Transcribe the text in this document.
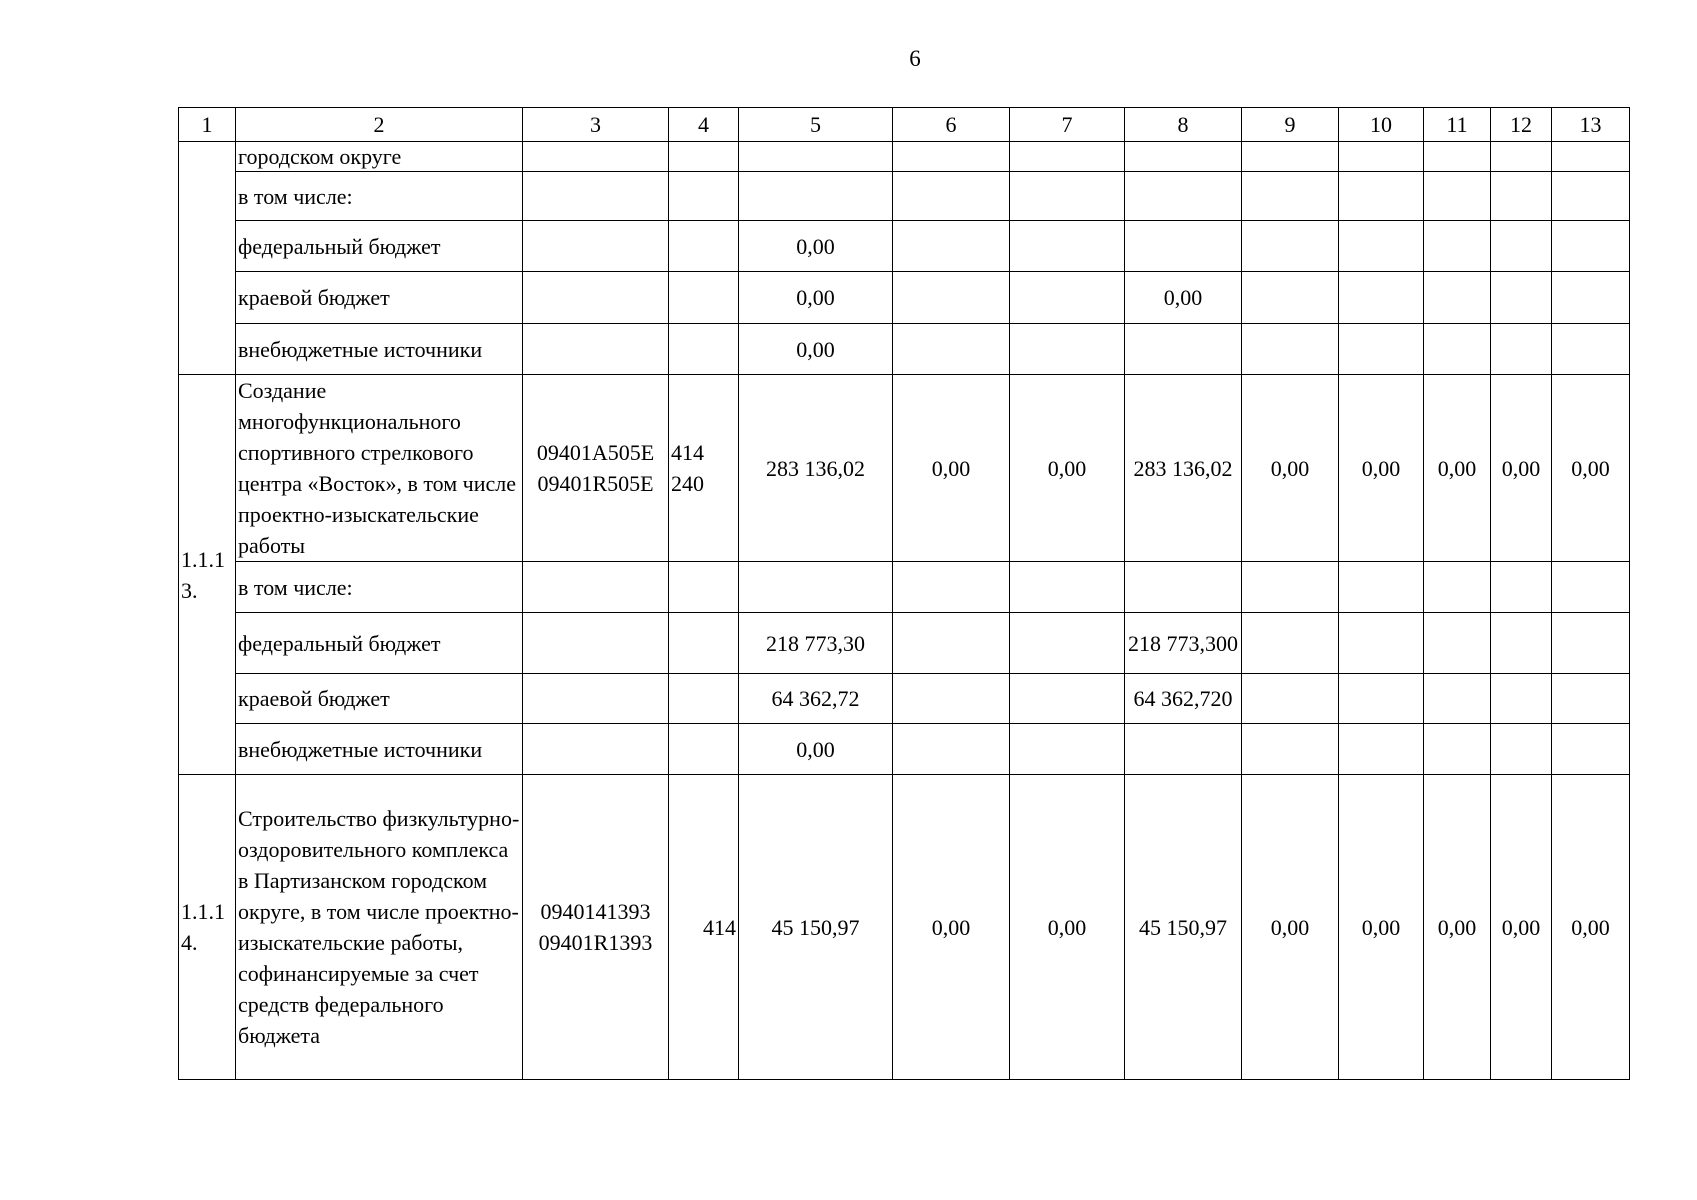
6
1	2	3	4	5	6	7	8	9	10	11	12	13
	городском округе											
	в том числе:											
	федеральный бюджет			0,00								
	краевой бюджет			0,00			0,00					
	внебюджетные источники			0,00								
1.1.13.	Создание многофункционального спортивного стрелкового центра «Восток», в том числе проектно-изыскательские работы	09401A505E 09401R505E	414 240	283 136,02	0,00	0,00	283 136,02	0,00	0,00	0,00	0,00	0,00
	в том числе:											
	федеральный бюджет			218 773,30			218 773,300					
	краевой бюджет			64 362,72			64 362,720					
	внебюджетные источники			0,00								
1.1.14.	Строительство физкультурно-оздоровительного комплекса в Партизанском городском округе, в том числе проектно-изыскательские работы, софинансируемые за счет средств федерального бюджета	0940141393 09401R1393	414	45 150,97	0,00	0,00	45 150,97	0,00	0,00	0,00	0,00	0,00
